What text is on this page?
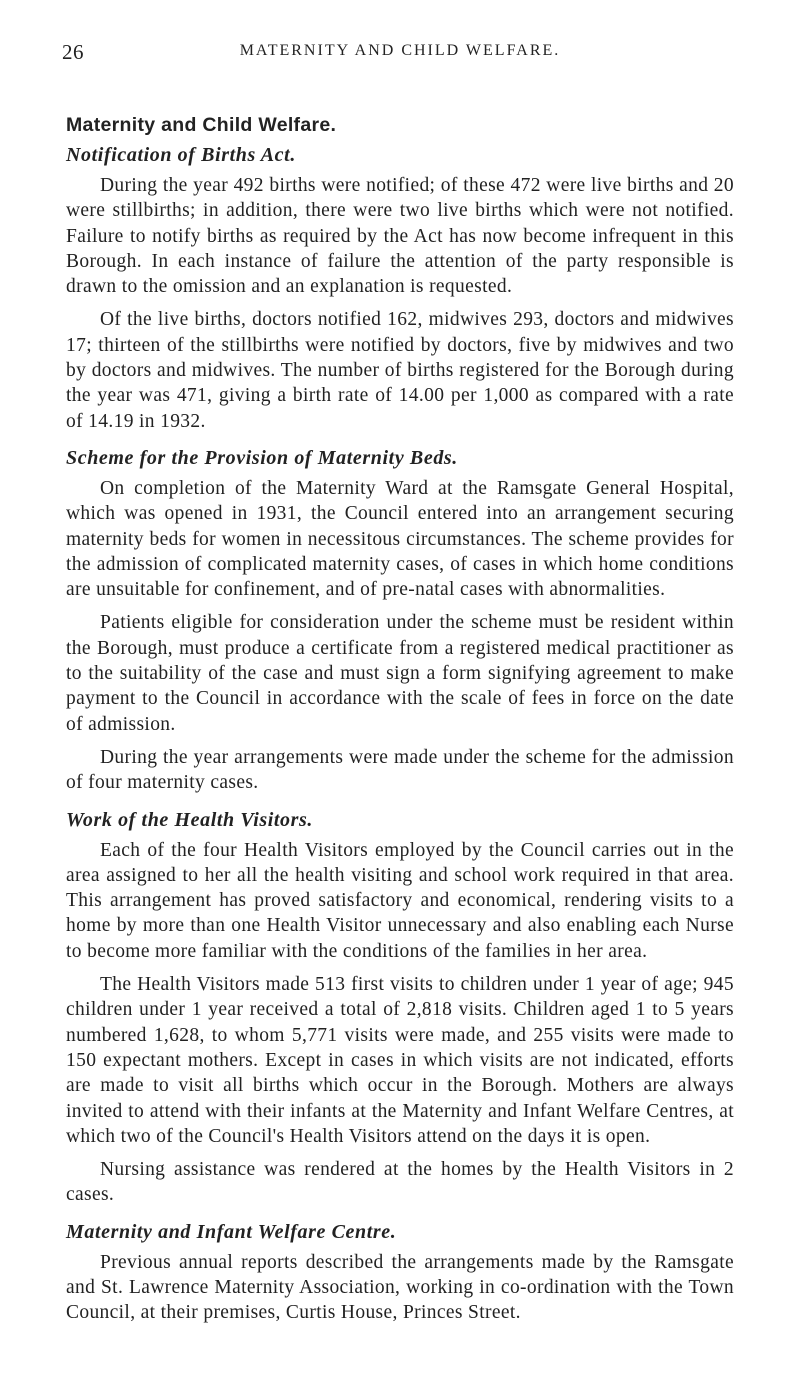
26	MATERNITY AND CHILD WELFARE.
Maternity and Child Welfare.
Notification of Births Act.

During the year 492 births were notified; of these 472 were live births and 20 were stillbirths; in addition, there were two live births which were not notified. Failure to notify births as required by the Act has now become infrequent in this Borough. In each instance of failure the attention of the party responsible is drawn to the omission and an explanation is requested.

Of the live births, doctors notified 162, midwives 293, doctors and midwives 17; thirteen of the stillbirths were notified by doctors, five by midwives and two by doctors and midwives. The number of births registered for the Borough during the year was 471, giving a birth rate of 14.00 per 1,000 as compared with a rate of 14.19 in 1932.

Scheme for the Provision of Maternity Beds.

On completion of the Maternity Ward at the Ramsgate General Hospital, which was opened in 1931, the Council entered into an arrangement securing maternity beds for women in necessitous circumstances. The scheme provides for the admission of complicated maternity cases, of cases in which home conditions are unsuitable for confinement, and of pre-natal cases with abnormalities.

Patients eligible for consideration under the scheme must be resident within the Borough, must produce a certificate from a registered medical practitioner as to the suitability of the case and must sign a form signifying agreement to make payment to the Council in accordance with the scale of fees in force on the date of admission.

During the year arrangements were made under the scheme for the admission of four maternity cases.

Work of the Health Visitors.

Each of the four Health Visitors employed by the Council carries out in the area assigned to her all the health visiting and school work required in that area. This arrangement has proved satisfactory and economical, rendering visits to a home by more than one Health Visitor unnecessary and also enabling each Nurse to become more familiar with the conditions of the families in her area.

The Health Visitors made 513 first visits to children under 1 year of age; 945 children under 1 year received a total of 2,818 visits. Children aged 1 to 5 years numbered 1,628, to whom 5,771 visits were made, and 255 visits were made to 150 expectant mothers. Except in cases in which visits are not indicated, efforts are made to visit all births which occur in the Borough. Mothers are always invited to attend with their infants at the Maternity and Infant Welfare Centres, at which two of the Council's Health Visitors attend on the days it is open.

Nursing assistance was rendered at the homes by the Health Visitors in 2 cases.

Maternity and Infant Welfare Centre.

Previous annual reports described the arrangements made by the Ramsgate and St. Lawrence Maternity Association, working in co-ordination with the Town Council, at their premises, Curtis House, Princes Street.
